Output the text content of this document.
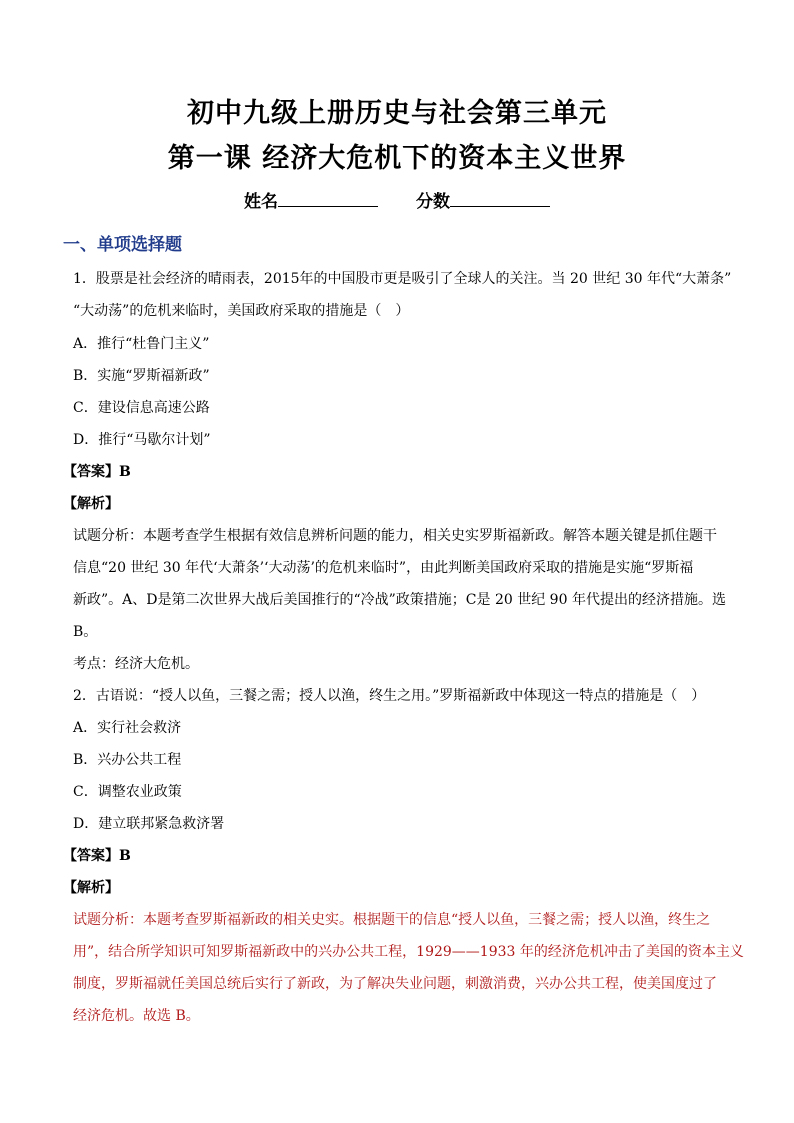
初中九级上册历史与社会第三单元
第一课 经济大危机下的资本主义世界
姓名	分数
一、单项选择题
1．股票是社会经济的晴雨表，2015年的中国股市更是吸引了全球人的关注。当 20 世纪 30 年代“大萧条”
“大动荡”的危机来临时，美国政府采取的措施是（　）
A．推行“杜鲁门主义”
B．实施“罗斯福新政”
C．建设信息高速公路
D．推行“马歇尔计划”
【答案】B
【解析】
试题分析：本题考查学生根据有效信息辨析问题的能力，相关史实罗斯福新政。解答本题关键是抓住题干
信息“20 世纪 30 年代‘大萧条’‘大动荡’的危机来临时”，由此判断美国政府采取的措施是实施“罗斯福
新政”。A、D是第二次世界大战后美国推行的“冷战”政策措施；C是 20 世纪 90 年代提出的经济措施。选
B。
考点：经济大危机。
2．古语说：“授人以鱼，三餐之需；授人以渔，终生之用。”罗斯福新政中体现这一特点的措施是（　）
A．实行社会救济
B．兴办公共工程
C．调整农业政策
D．建立联邦紧急救济署
【答案】B
【解析】
试题分析：本题考查罗斯福新政的相关史实。根据题干的信息“授人以鱼，三餐之需；授人以渔，终生之
用”，结合所学知识可知罗斯福新政中的兴办公共工程，1929——1933 年的经济危机冲击了美国的资本主义
制度，罗斯福就任美国总统后实行了新政，为了解决失业问题，刺激消费，兴办公共工程，使美国度过了
经济危机。故选 B。
